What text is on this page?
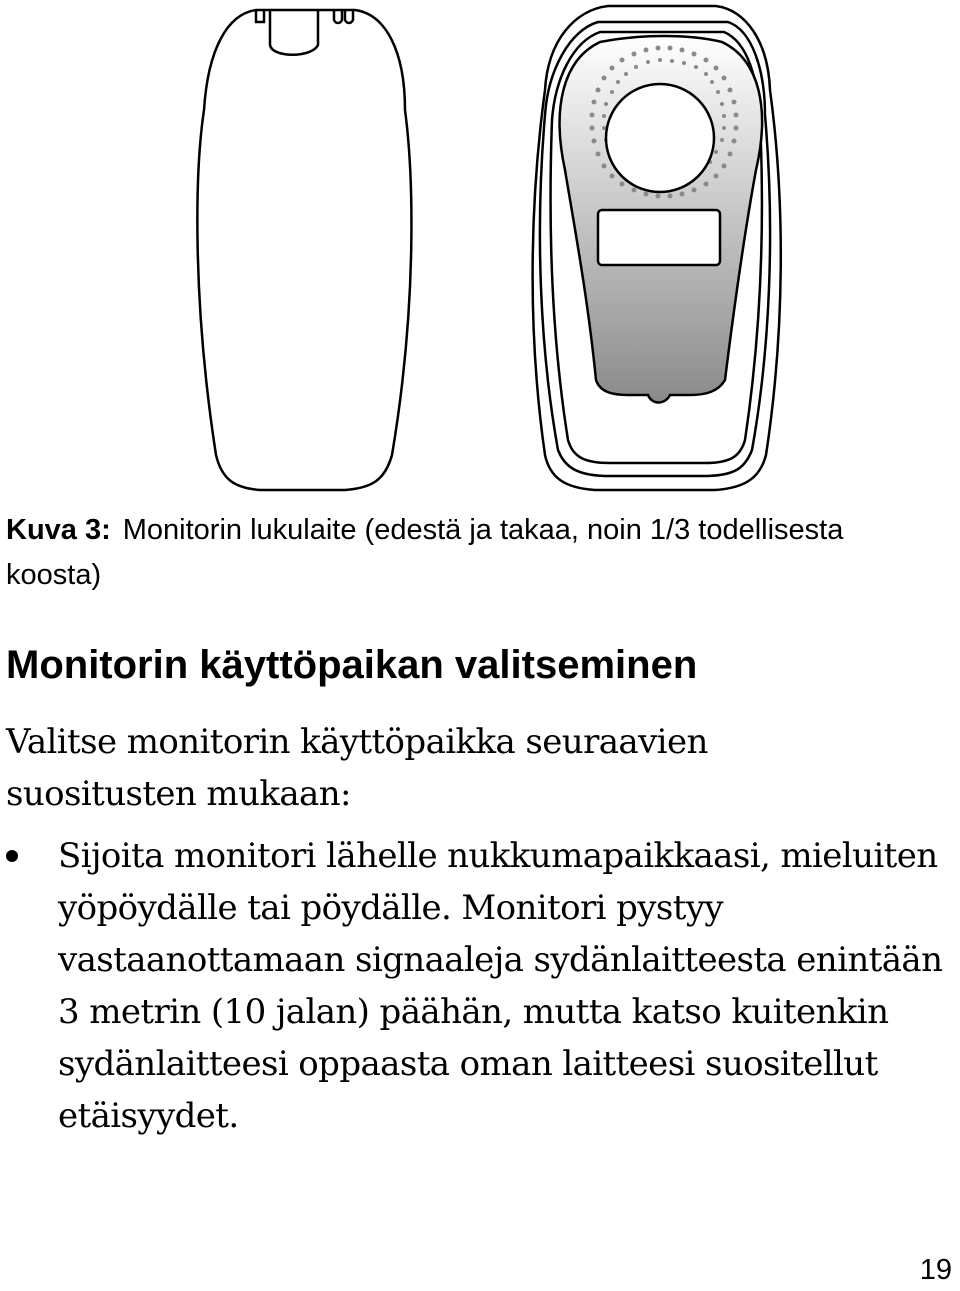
Kuva 3: Monitorin lukulaite (edestä ja takaa, noin 1/3 todellisesta koosta)

Monitorin käyttöpaikan valitseminen

Valitse monitorin käyttöpaikka seuraavien suositusten mukaan:

Sijoita monitori lähelle nukkumapaikkaasi, mieluiten yöpöydälle tai pöydälle. Monitori pystyy vastaanottamaan signaaleja sydänlaitteesta enintään 3 metrin (10 jalan) päähän, mutta katso kuitenkin sydänlaitteesi oppaasta oman laitteesi suositellut etäisyydet.
19
